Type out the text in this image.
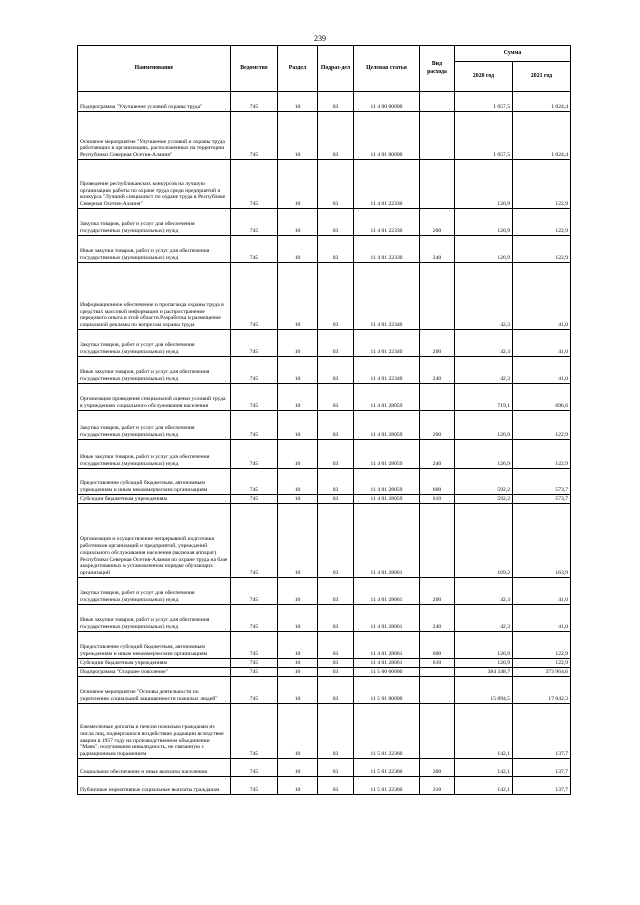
239
Наименование	Ведомство	Раздел	Подраз-дел	Целевая статья	Вид расхода	Сумма	
						2020 год	2021 год
Подпрограмма "Улучшение условий охраны труда"	745	10	03	11 4 00 00000		1 057,5	1 024,4
Основное мероприятие "Улучшение условий и охраны труда работающих в организациях, расположенных на территории Республики Северная Осетия-Алания"	745	10	03	11 4 01 00000		1 057,5	1 024,4
Проведение республиканских конкурсов на лучшую организацию работы по охране труда среди предприятий и конкурса "Лучший специалист по охране труда в Республике Северная Осетия-Алания"	745	10	03	11 4 01 22330		126,9	122,9
Закупка товаров, работ и услуг для обеспечения государственных (муниципальных) нужд	745	10	03	11 4 01 22330	200	126,9	122,9
Иные закупки товаров, работ и услуг для обеспечения государственных (муниципальных) нужд	745	10	03	11 4 01 22330	240	126,9	122,9
Информационное обеспечение и пропаганда охраны труда в средствах массовой информации и распространение передового опыта в этой области.Разработка и размещение социальной рекламы по вопросам охраны труда	745	10	03	11 4 01 22340		42,3	41,0
Закупка товаров, работ и услуг для обеспечения государственных (муниципальных) нужд	745	10	03	11 4 01 22340	200	42,3	41,0
Иные закупки товаров, работ и услуг для обеспечения государственных (муниципальных) нужд	745	10	03	11 4 01 22340	240	42,3	41,0
Организация проведения специальной оценки условий труда в учреждениях социального обслуживания населения	745	10	03	11 4 01 28059		719,1	696,6
Закупка товаров, работ и услуг для обеспечения государственных (муниципальных) нужд	745	10	03	11 4 01 28059	200	126,9	122,9
Иные закупки товаров, работ и услуг для обеспечения государственных (муниципальных) нужд	745	10	03	11 4 01 28059	240	126,9	122,9
Предоставление субсидий бюджетным, автономным учреждениям и иным некоммерческим организациям	745	10	03	11 4 01 28059	600	592,2	573,7
Субсидии бюджетным учреждениям	745	10	03	11 4 01 28059	610	592,2	573,7
Организация и осуществление непрерывной подготовки работников организаций и предприятий, учреждений социального обслуживания населения (включая аппарат) Республики Северная Осетия-Алания по охране труда на базе аккредитованных в установленном порядке обучающих организаций	745	10	03	11 4 01 28061		169,2	163,9
Закупка товаров, работ и услуг для обеспечения государственных (муниципальных) нужд	745	10	03	11 4 01 28061	200	42,3	41,0
Иные закупки товаров, работ и услуг для обеспечения государственных (муниципальных) нужд	745	10	03	11 4 01 28061	240	42,3	41,0
Предоставление субсидий бюджетным, автономным учреждениям и иным некоммерческим организациям	745	10	03	11 4 01 28061	600	126,9	122,9
Субсидии бюджетным учреждениям	745	10	03	11 4 01 28061	610	126,9	122,9
Подпрограмма "Старшее поколение"	745	10	03	11 5 00 00000		384 348,7	373 964,6
Основное мероприятие "Основы деятельности по укреплению социальной защищенности пожилых людей"	745	10	03	11 5 01 00000		15 894,5	17 042,3
Ежемесячные доплаты к пенсии пожилым гражданам из числа лиц, подвергшихся воздействию радиации вследствие аварии в 1957 году на производственном объединении "Маяк", получившим инвалидность, не связанную с радиационным поражением	745	10	03	11 5 01 22360		142,1	137,7
Социальное обеспечение и иные выплаты населению	745	10	03	11 5 01 22360	300	142,1	137,7
Публичные нормативные социальные выплаты гражданам	745	10	03	11 5 01 22360	310	142,1	137,7
